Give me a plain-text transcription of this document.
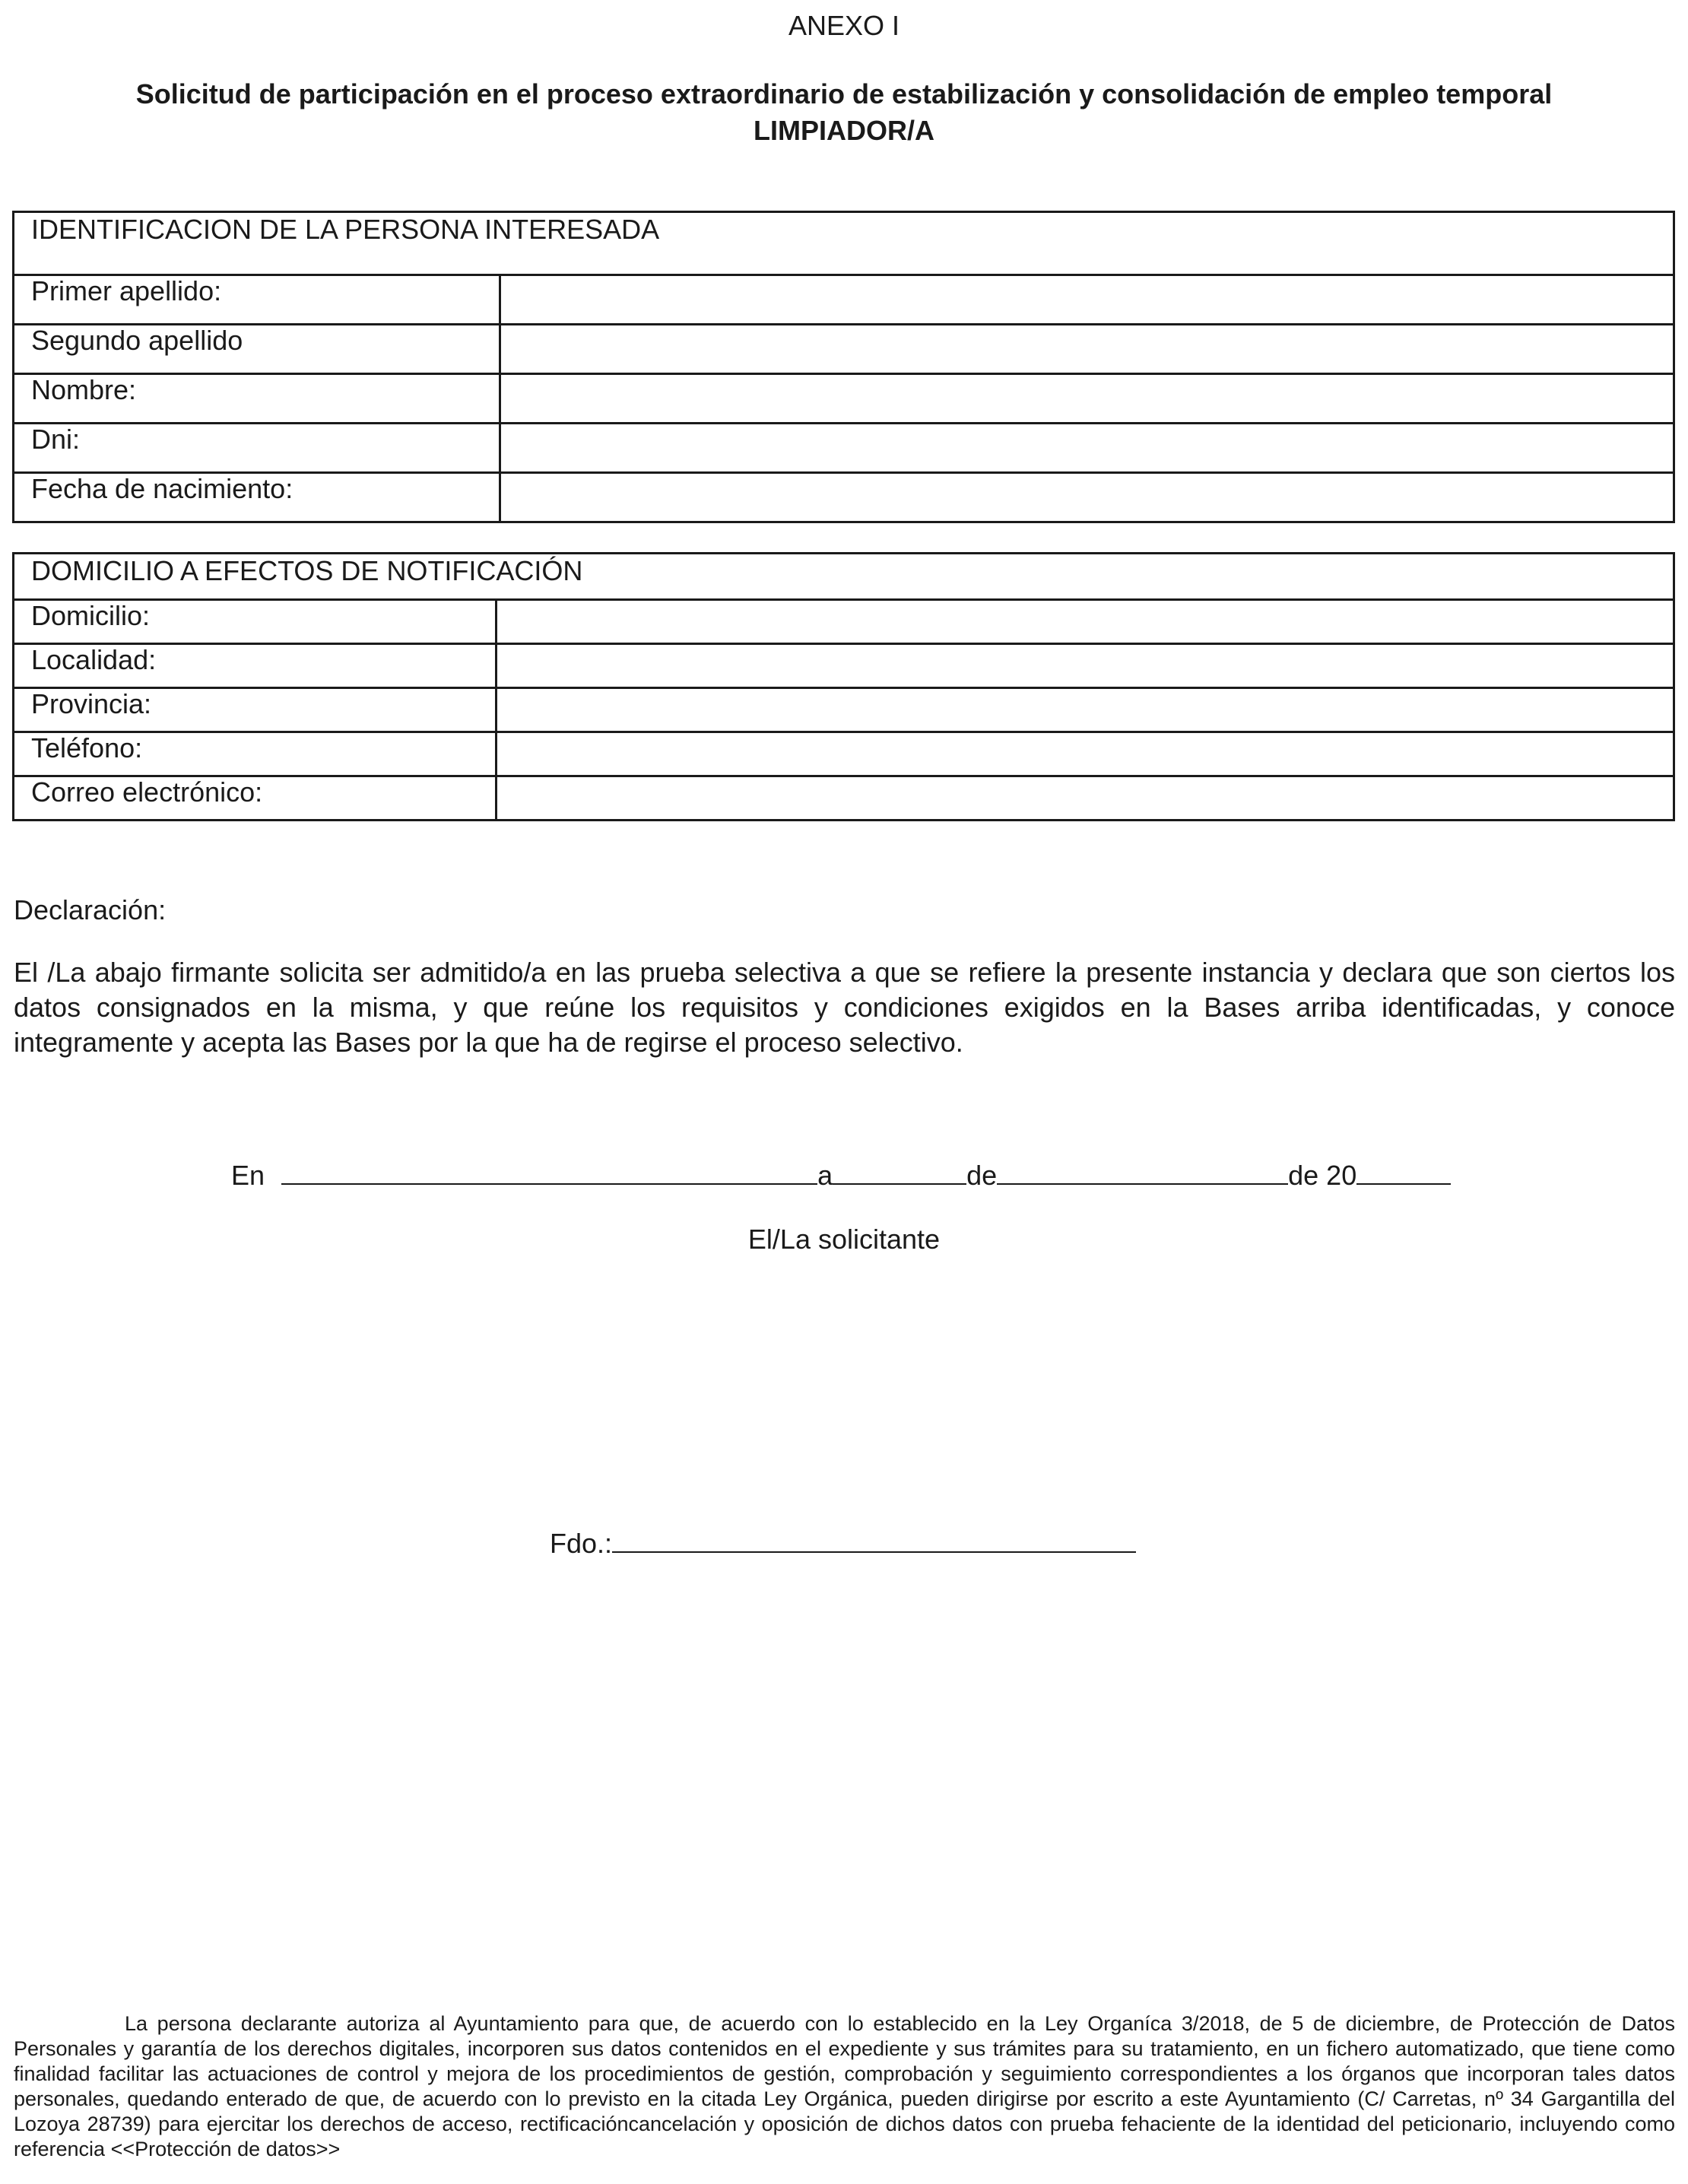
ANEXO I
Solicitud de participación en el proceso extraordinario de estabilización y consolidación de empleo temporal
LIMPIADOR/A
IDENTIFICACION DE LA PERSONA INTERESADA	
Primer apellido:	
Segundo apellido	
Nombre:	
Dni:	
Fecha de nacimiento:	
DOMICILIO A EFECTOS DE NOTIFICACIÓN	
Domicilio:	
Localidad:	
Provincia:	
Teléfono:	
Correo electrónico:	
Declaración:
El /La abajo firmante solicita ser admitido/a en las prueba selectiva a que se refiere la presente instancia y declara que son ciertos los datos consignados en la misma, y que reúne los requisitos y condiciones exigidos en la Bases arriba identificadas, y conoce integramente y acepta las Bases por la que ha de regirse el proceso selectivo.
En	a	de	de 20
El/La solicitante
Fdo.:
La persona declarante autoriza al Ayuntamiento para que, de acuerdo con lo establecido en la Ley Organíca 3/2018, de 5 de diciembre, de Protección de Datos Personales y garantía de los derechos digitales, incorporen sus datos contenidos en el expediente y sus trámites para su tratamiento, en un fichero automatizado, que tiene como finalidad facilitar las actuaciones de control y mejora de los procedimientos de gestión, comprobación y seguimiento correspondientes a los órganos que incorporan tales datos personales, quedando enterado de que, de acuerdo con lo previsto en la citada Ley Orgánica, pueden dirigirse por escrito a este Ayuntamiento (C/ Carretas, nº 34 Gargantilla del Lozoya 28739) para ejercitar los derechos de acceso, rectificacióncancelación y oposición de dichos datos con prueba fehaciente de la identidad del peticionario, incluyendo como referencia <<Protección de datos>>
